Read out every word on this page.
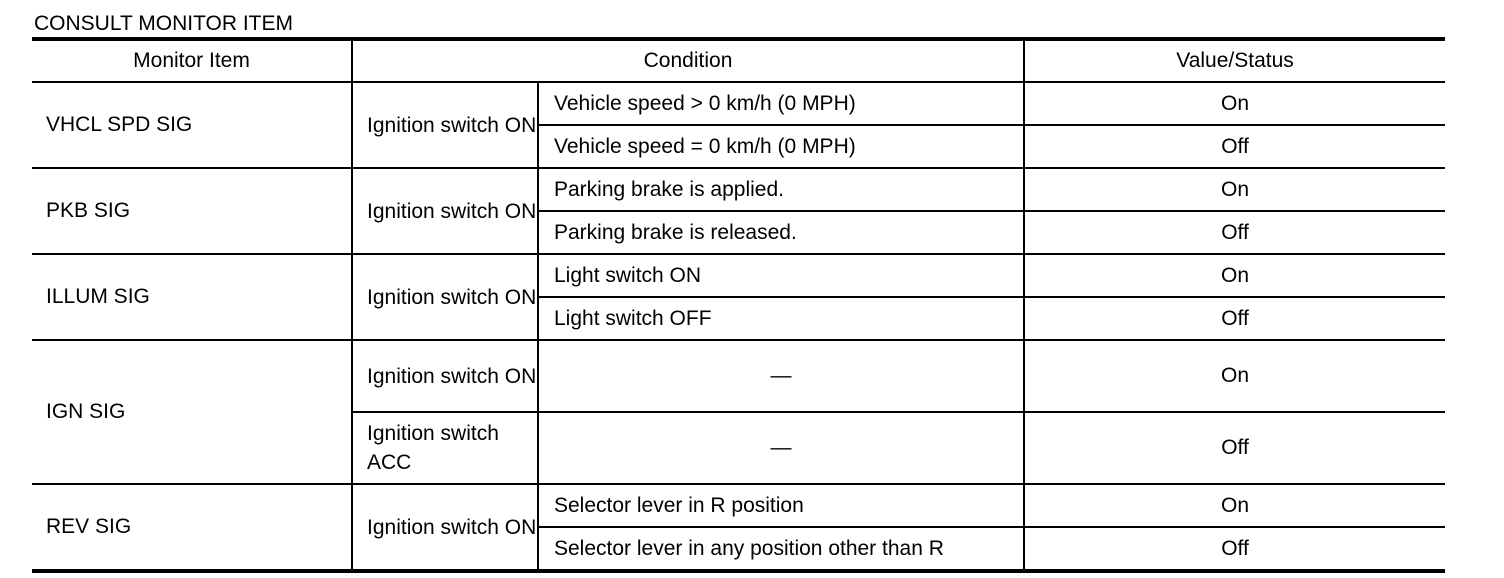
CONSULT MONITOR ITEM
Monitor Item	Condition		Value/Status
VHCL SPD SIG	Ignition switch ON	Vehicle speed > 0 km/h (0 MPH)	On
		Vehicle speed = 0 km/h (0 MPH)	Off
PKB SIG	Ignition switch ON	Parking brake is applied.	On
		Parking brake is released.	Off
ILLUM SIG	Ignition switch ON	Light switch ON	On
		Light switch OFF	Off
IGN SIG	Ignition switch ON	—	On
	Ignition switch ACC	—	Off
REV SIG	Ignition switch ON	Selector lever in R position	On
		Selector lever in any position other than R	Off
